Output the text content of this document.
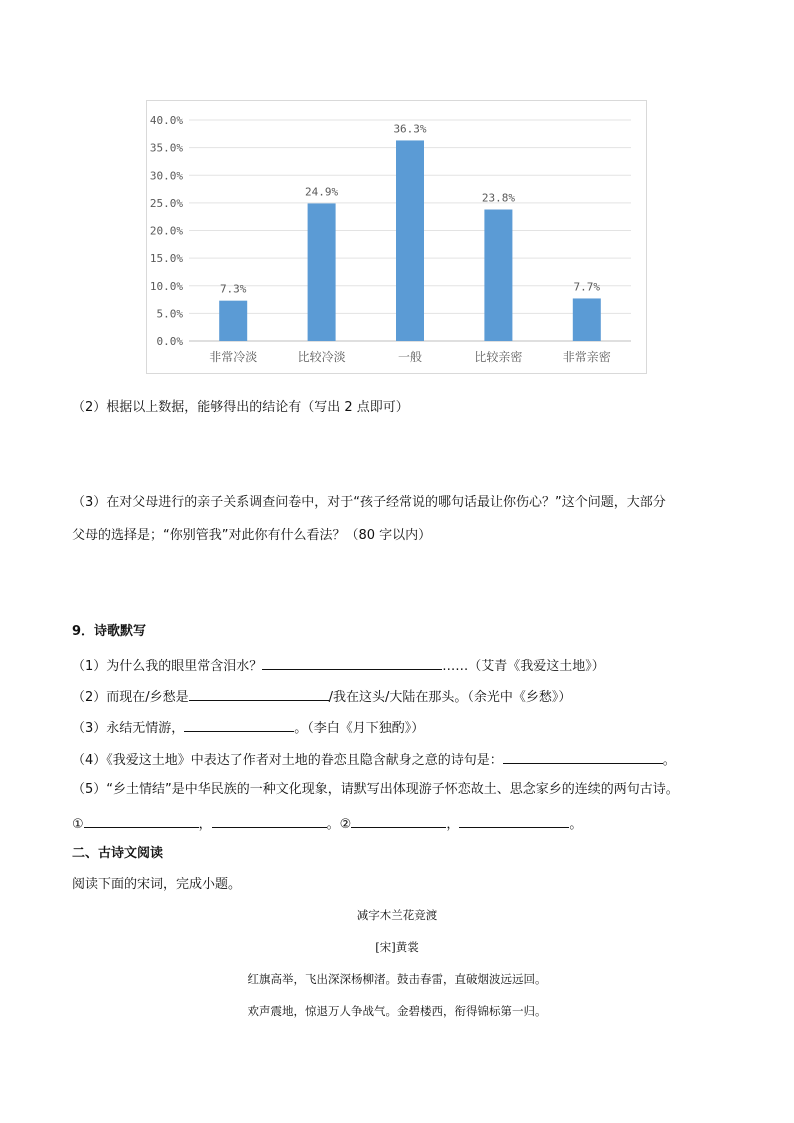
0.0%
5.0%
10.0%
15.0%
20.0%
25.0%
30.0%
35.0%
40.0%
7.3%
非常冷淡
24.9%
比较冷淡
36.3%
一般
23.8%
比较亲密
7.7%
非常亲密
（2）根据以上数据，能够得出的结论有（写出 2 点即可）
（3）在对父母进行的亲子关系调查问卷中，对于“孩子经常说的哪句话最让你伤心？”这个问题，大部分
父母的选择是；“你别管我”对此你有什么看法？（80 字以内）
9．诗歌默写
（1）为什么我的眼里常含泪水？	……（艾青《我爱这土地》）
（2）而现在/乡愁是	/我在这头/大陆在那头。（余光中《乡愁》）
（3）永结无情游，	。（李白《月下独酌》）
（4）《我爱这土地》中表达了作者对土地的眷恋且隐含献身之意的诗句是：	。
（5）“乡土情结”是中华民族的一种文化现象，请默写出体现游子怀恋故土、思念家乡的连续的两句古诗。
①	，	。②	，	。
二、古诗文阅读
阅读下面的宋词，完成小题。
减字木兰花竞渡
[宋]黄裳
红旗高举，飞出深深杨柳渚。鼓击春雷，直破烟波远远回。
欢声震地，惊退万人争战气。金碧楼西，衔得锦标第一归。
